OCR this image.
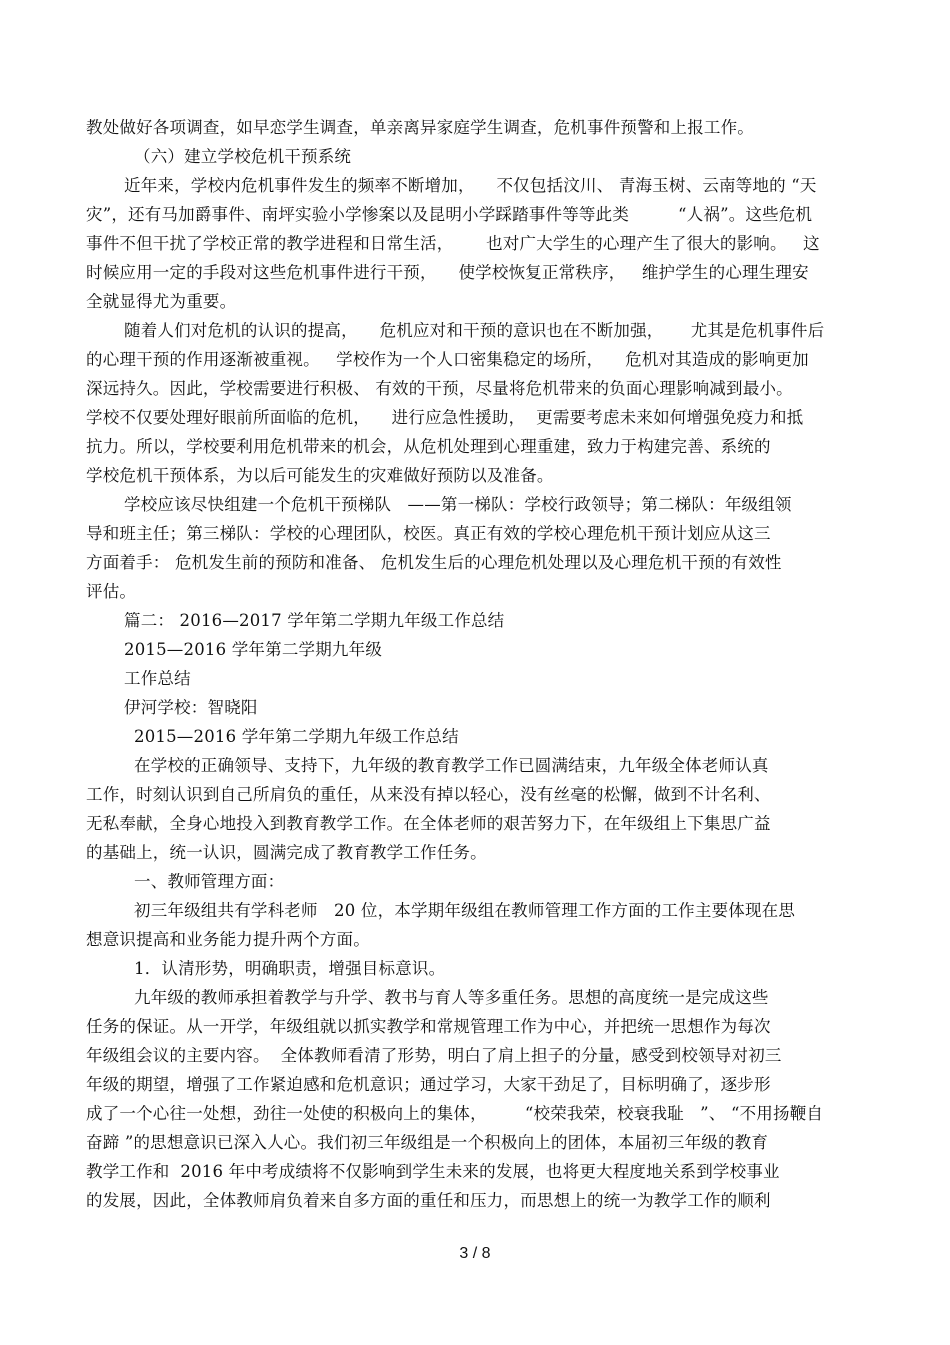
教处做好各项调查，如早恋学生调查，单亲离异家庭学生调查，危机事件预警和上报工作。
（六）建立学校危机干预系统
近年来，学校内危机事件发生的频率不断增加，    不仅包括汶川、 青海玉树、云南等地的 “天
灾”，还有马加爵事件、南坪实验小学惨案以及昆明小学踩踏事件等等此类         “人祸”。这些危机
事件不但干扰了学校正常的教学进程和日常生活，      也对广大学生的心理产生了很大的影响。   这
时候应用一定的手段对这些危机事件进行干预，    使学校恢复正常秩序，   维护学生的心理生理安
全就显得尤为重要。
随着人们对危机的认识的提高，    危机应对和干预的意识也在不断加强，     尤其是危机事件后
的心理干预的作用逐渐被重视。   学校作为一个人口密集稳定的场所，    危机对其造成的影响更加
深远持久。因此，学校需要进行积极、 有效的干预，尽量将危机带来的负面心理影响减到最小。
学校不仅要处理好眼前所面临的危机，    进行应急性援助，  更需要考虑未来如何增强免疫力和抵
抗力。所以，学校要利用危机带来的机会，从危机处理到心理重建，致力于构建完善、系统的
学校危机干预体系，为以后可能发生的灾难做好预防以及准备。
学校应该尽快组建一个危机干预梯队   ——第一梯队：学校行政领导；第二梯队：年级组领
导和班主任；第三梯队：学校的心理团队，校医。真正有效的学校心理危机干预计划应从这三
方面着手： 危机发生前的预防和准备、 危机发生后的心理危机处理以及心理危机干预的有效性
评估。
篇二： 2016—2017 学年第二学期九年级工作总结
2015—2016 学年第二学期九年级
工作总结
伊河学校：智晓阳
2015—2016 学年第二学期九年级工作总结
在学校的正确领导、支持下，九年级的教育教学工作已圆满结束，九年级全体老师认真
工作，时刻认识到自己所肩负的重任，从来没有掉以轻心，没有丝毫的松懈，做到不计名利、
无私奉献，全身心地投入到教育教学工作。在全体老师的艰苦努力下，在年级组上下集思广益
的基础上，统一认识，圆满完成了教育教学工作任务。
一、教师管理方面：
初三年级组共有学科老师   20 位，本学期年级组在教师管理工作方面的工作主要体现在思
想意识提高和业务能力提升两个方面。
1．认清形势，明确职责，增强目标意识。
九年级的教师承担着教学与升学、教书与育人等多重任务。思想的高度统一是完成这些
任务的保证。从一开学，年级组就以抓实教学和常规管理工作为中心，并把统一思想作为每次
年级组会议的主要内容。  全体教师看清了形势，明白了肩上担子的分量，感受到校领导对初三
年级的期望，增强了工作紧迫感和危机意识；通过学习，大家干劲足了，目标明确了，逐步形
成了一个心往一处想，劲往一处使的积极向上的集体，       “校荣我荣，校衰我耻   ”、 “不用扬鞭自
奋蹄 ”的思想意识已深入人心。我们初三年级组是一个积极向上的团体，本届初三年级的教育
教学工作和  2016 年中考成绩将不仅影响到学生未来的发展，也将更大程度地关系到学校事业
的发展，因此，全体教师肩负着来自多方面的重任和压力，而思想上的统一为教学工作的顺利
3 / 8
